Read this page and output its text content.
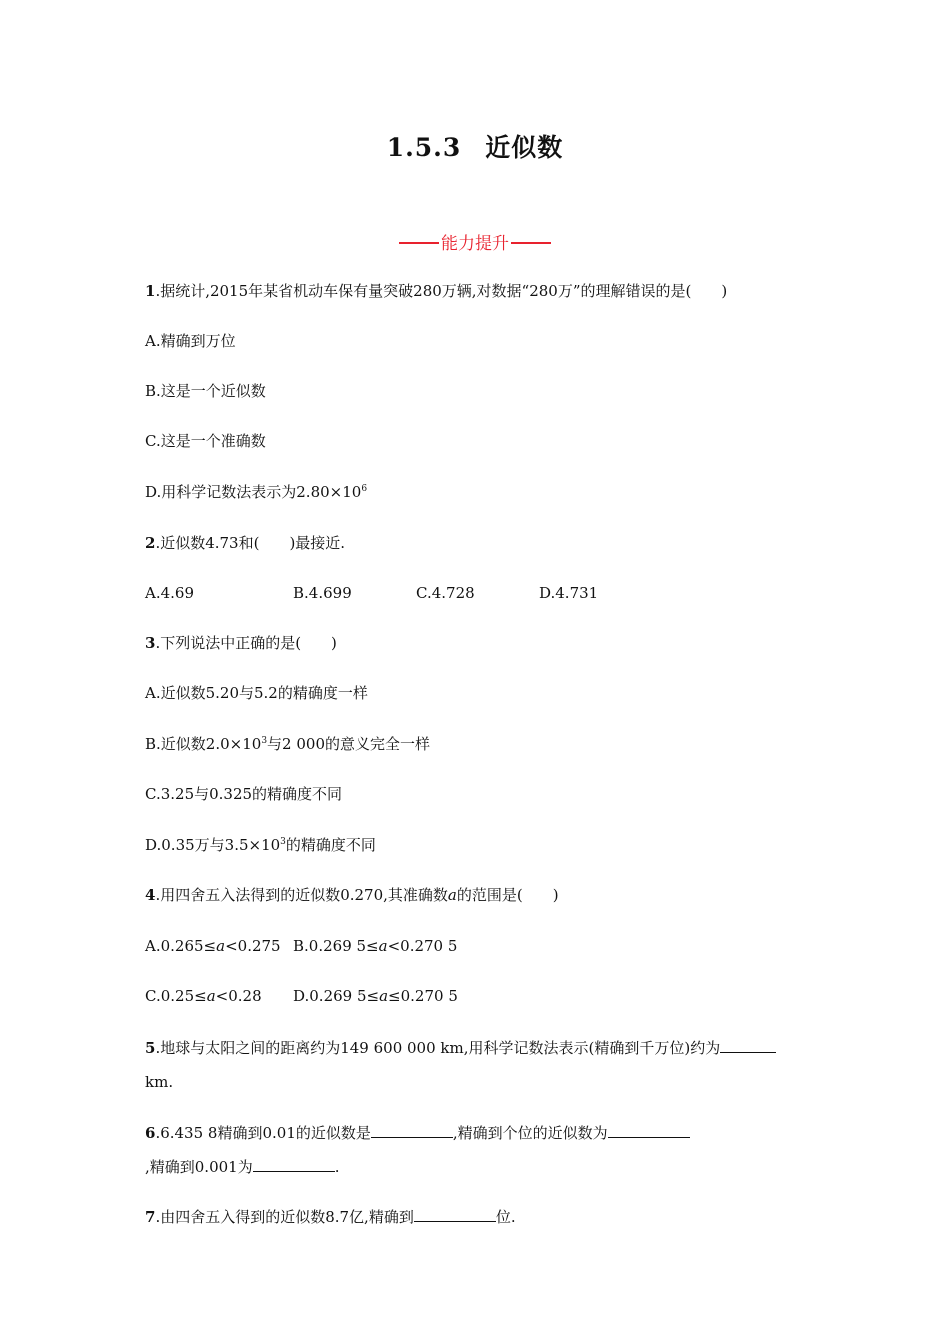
1.5.3 近似数
能力提升
1.据统计,2015年某省机动车保有量突破280万辆,对数据“280万”的理解错误的是(　　)
A.精确到万位
B.这是一个近似数
C.这是一个准确数
D.用科学记数法表示为$2.80\times 10^6$
2.近似数4.73和(　　)最接近.
A.4.69	B.4.699	C.4.728	D.4.731
3.下列说法中正确的是(　　)
A.近似数5.20与5.2的精确度一样
B.近似数$2.0\times 10^3$与2 000的意义完全一样
C.3.25与0.325的精确度不同
D.0.35万与$3.5\times 10^3$的精确度不同
4.用四舍五入法得到的近似数0.270,其准确数a的范围是(　　)
A.0.265≤a<0.275 B.0.269 5≤a<0.270 5
C.0.25≤a<0.28 D.0.269 5≤a≤0.270 5
5.地球与太阳之间的距离约为149 600 000 km,用科学记数法表示(精确到千万位)约为
km.
6.6.435 8精确到0.01的近似数是	,精确到个位的近似数为
,精确到0.001为	.
7.由四舍五入得到的近似数8.7亿,精确到	位.
